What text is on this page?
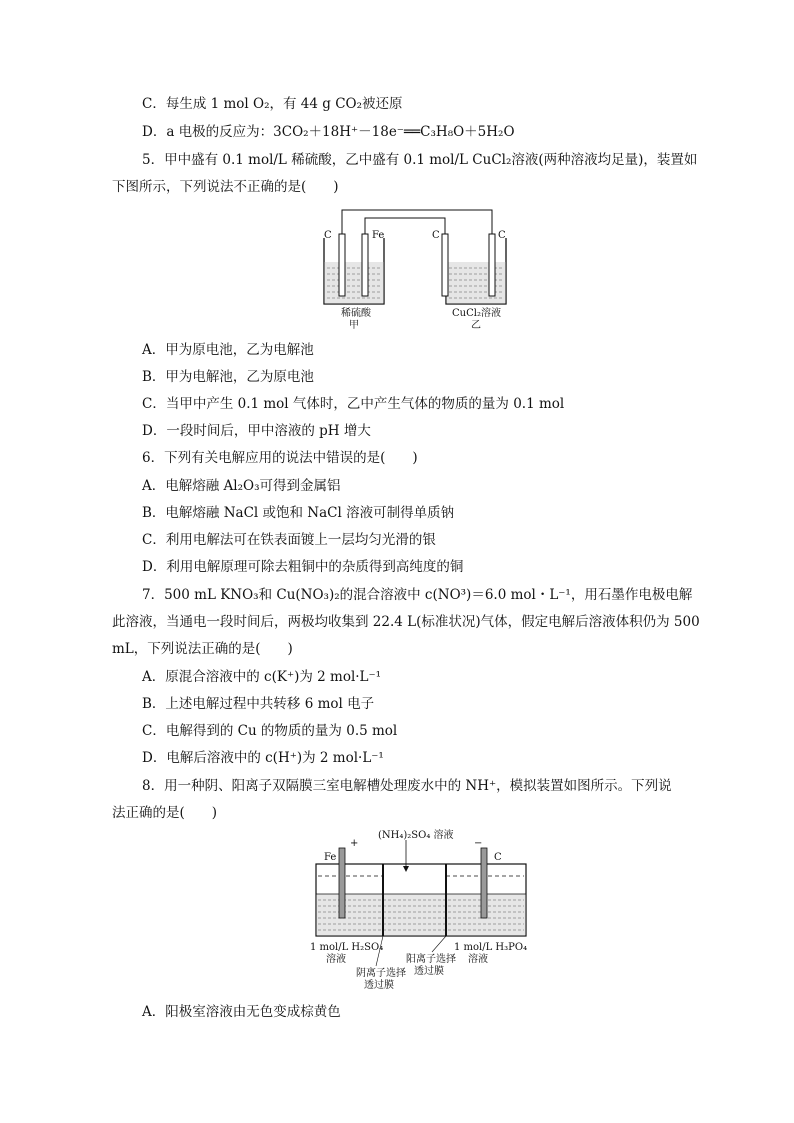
C．每生成 1 mol O₂，有 44 g CO₂被还原
D．a 电极的反应为：3CO₂＋18H⁺－18e⁻══C₃H₈O＋5H₂O
5．甲中盛有 0.1 mol/L 稀硫酸，乙中盛有 0.1 mol/L CuCl₂溶液(两种溶液均足量)，装置如
下图所示，下列说法不正确的是(　　)
C	Fe	C	C
稀硫酸
甲
CuCl₂溶液
乙
A．甲为原电池，乙为电解池
B．甲为电解池，乙为原电池
C．当甲中产生 0.1 mol 气体时，乙中产生气体的物质的量为 0.1 mol
D．一段时间后，甲中溶液的 pH 增大
6．下列有关电解应用的说法中错误的是(　　)
A．电解熔融 Al₂O₃可得到金属铝
B．电解熔融 NaCl 或饱和 NaCl 溶液可制得单质钠
C．利用电解法可在铁表面镀上一层均匀光滑的银
D．利用电解原理可除去粗铜中的杂质得到高纯度的铜
7．500 mL KNO₃和 Cu(NO₃)₂的混合溶液中 c(NO³)＝6.0 mol・L⁻¹，用石墨作电极电解
此溶液，当通电一段时间后，两极均收集到 22.4 L(标准状况)气体，假定电解后溶液体积仍为 500
mL，下列说法正确的是(　　)
A．原混合溶液中的 c(K⁺)为 2 mol·L⁻¹
B．上述电解过程中共转移 6 mol 电子
C．电解得到的 Cu 的物质的量为 0.5 mol
D．电解后溶液中的 c(H⁺)为 2 mol·L⁻¹
8．用一种阴、阳离子双隔膜三室电解槽处理废水中的 NH⁺，模拟装置如图所示。下列说
法正确的是(　　)
(NH₄)₂SO₄ 溶液
+	−
Fe	C
1 mol/L H₂SO₄
溶液
1 mol/L H₃PO₄
溶液
阴离子选择
透过膜
阳离子选择
透过膜
A．阳极室溶液由无色变成棕黄色
